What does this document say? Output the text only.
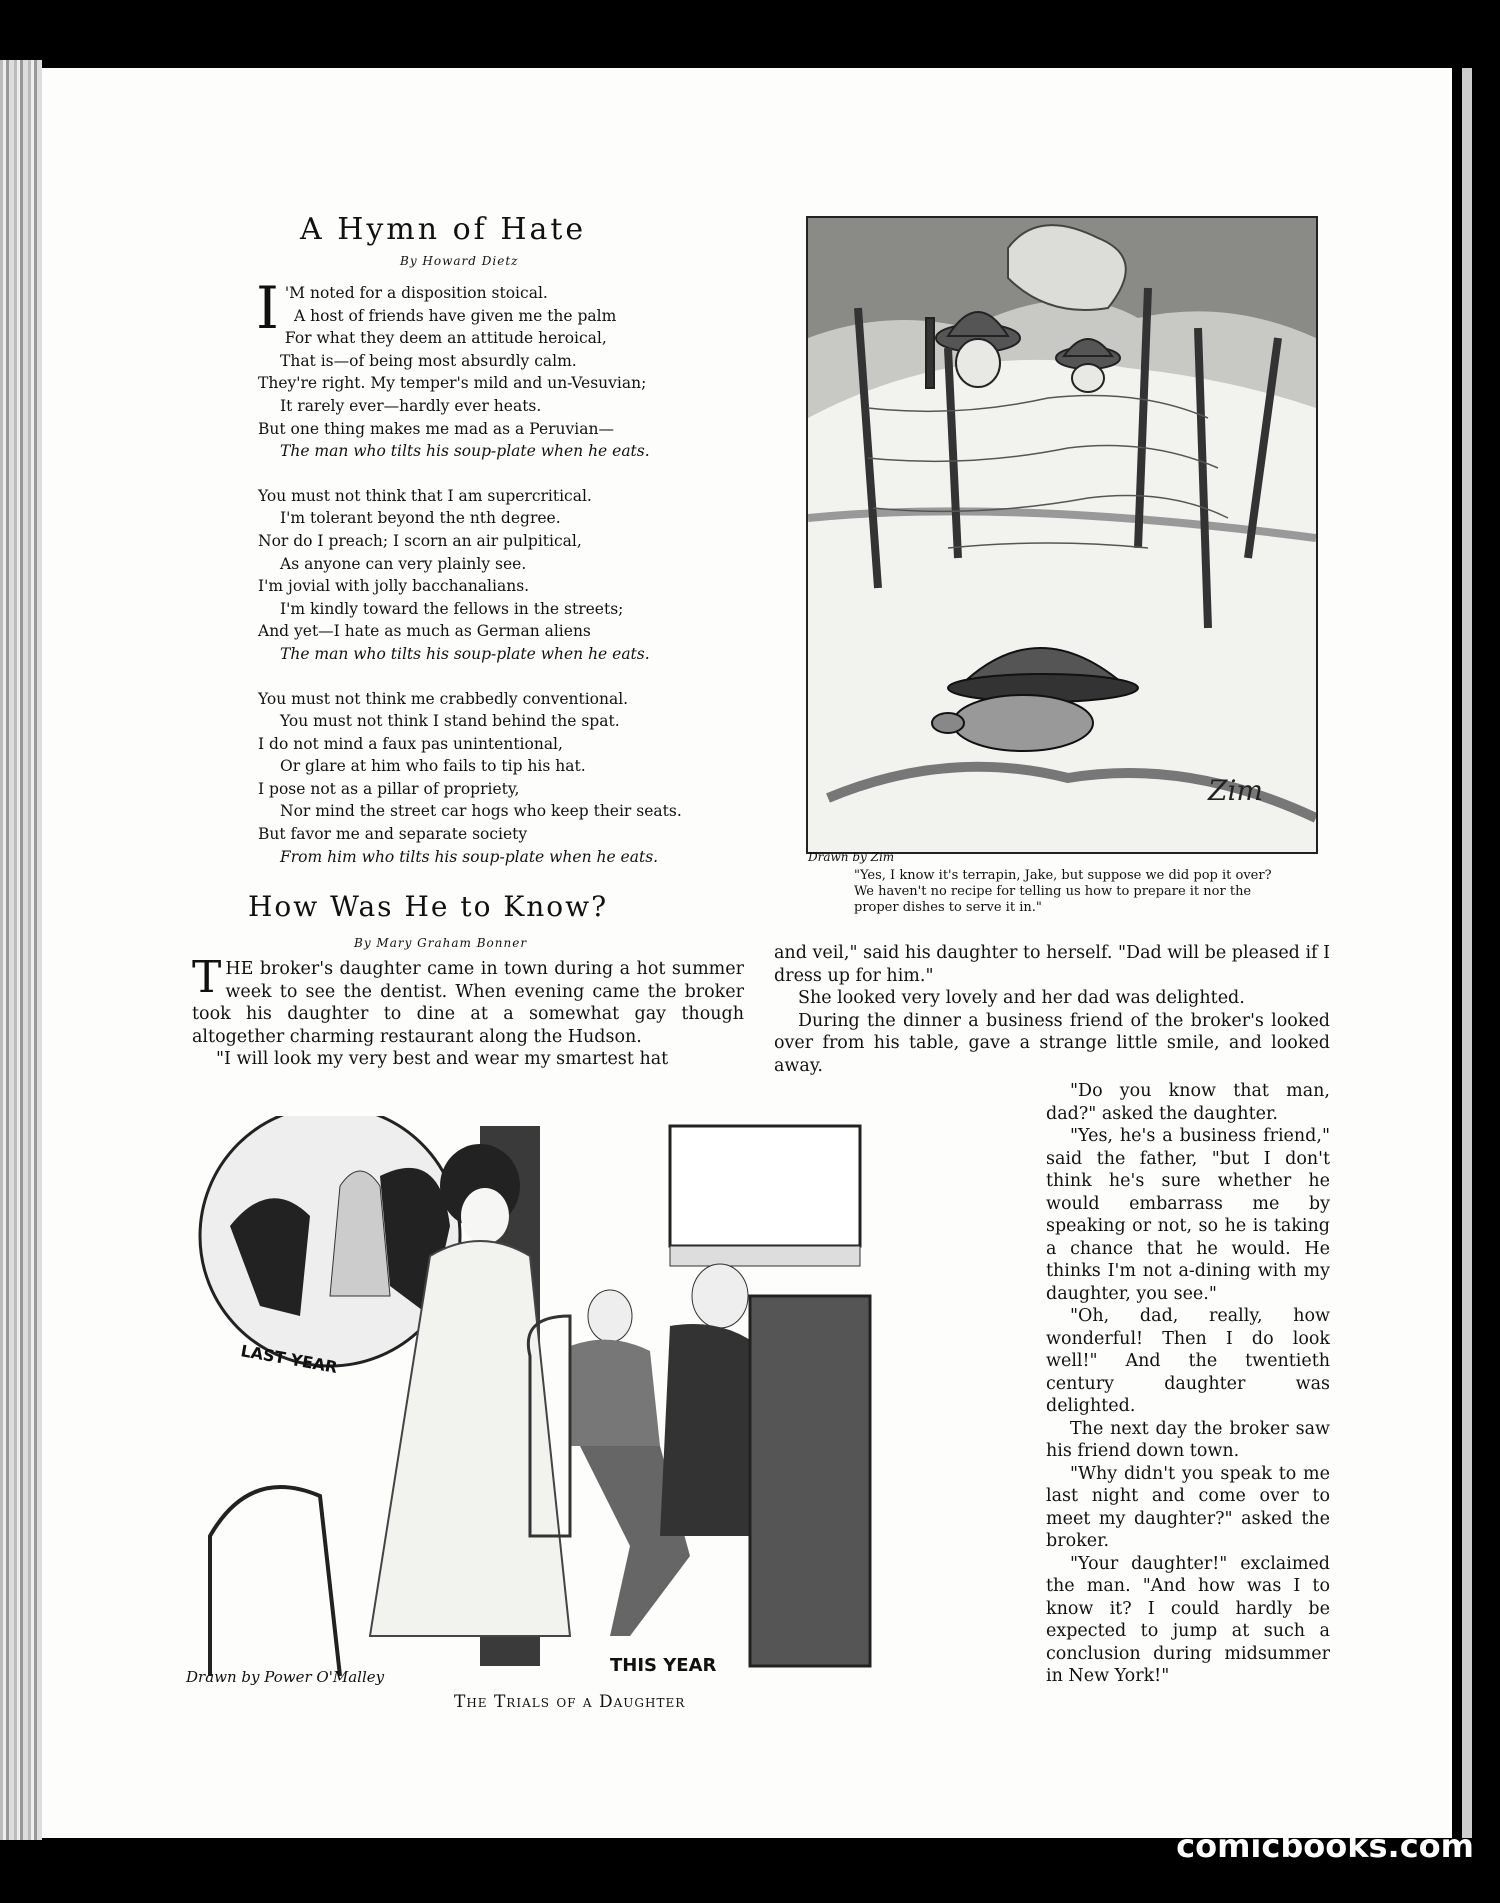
A Hymn of Hate
By Howard Dietz
I 'M noted for a disposition stoical.
A host of friends have given me the palm
For what they deem an attitude heroical,
That is—of being most absurdly calm.
They're right. My temper's mild and un-Vesuvian;
It rarely ever—hardly ever heats.
But one thing makes me mad as a Peruvian—
The man who tilts his soup-plate when he eats.
You must not think that I am supercritical.
I'm tolerant beyond the nth degree.
Nor do I preach; I scorn an air pulpitical,
As anyone can very plainly see.
I'm jovial with jolly bacchanalians.
I'm kindly toward the fellows in the streets;
And yet—I hate as much as German aliens
The man who tilts his soup-plate when he eats.
You must not think me crabbedly conventional.
You must not think I stand behind the spat.
I do not mind a faux pas unintentional,
Or glare at him who fails to tip his hat.
I pose not as a pillar of propriety,
Nor mind the street car hogs who keep their seats.
But favor me and separate society
From him who tilts his soup-plate when he eats.
Zim
Drawn by Zim
"Yes, I know it's terrapin, Jake, but suppose we did pop it over? We haven't no recipe for telling us how to prepare it nor the proper dishes to serve it in."
How Was He to Know?
By Mary Graham Bonner

THE broker's daughter came in town during a hot summer week to see the dentist. When evening came the broker took his daughter to dine at a somewhat gay though altogether charming restaurant along the Hudson.

"I will look my very best and wear my smartest hat

and veil," said his daughter to herself. "Dad will be pleased if I dress up for him."

She looked very lovely and her dad was delighted.

During the dinner a business friend of the broker's looked over from his table, gave a strange little smile, and looked away.

"Do you know that man, dad?" asked the daughter.

"Yes, he's a business friend," said the father, "but I don't think he's sure whether he would embarrass me by speaking or not, so he is taking a chance that he would. He thinks I'm not a-dining with my daughter, you see."

"Oh, dad, really, how wonderful! Then I do look well!" And the twentieth century daughter was delighted.

The next day the broker saw his friend down town.

"Why didn't you speak to me last night and come over to meet my daughter?" asked the broker.

"Your daughter!" exclaimed the man. "And how was I to know it? I could hardly be expected to jump at such a conclusion during midsummer in New York!"

LAST YEAR
THIS YEAR
Drawn by Power O'Malley
The Trials of a Daughter
comicbooks.com
